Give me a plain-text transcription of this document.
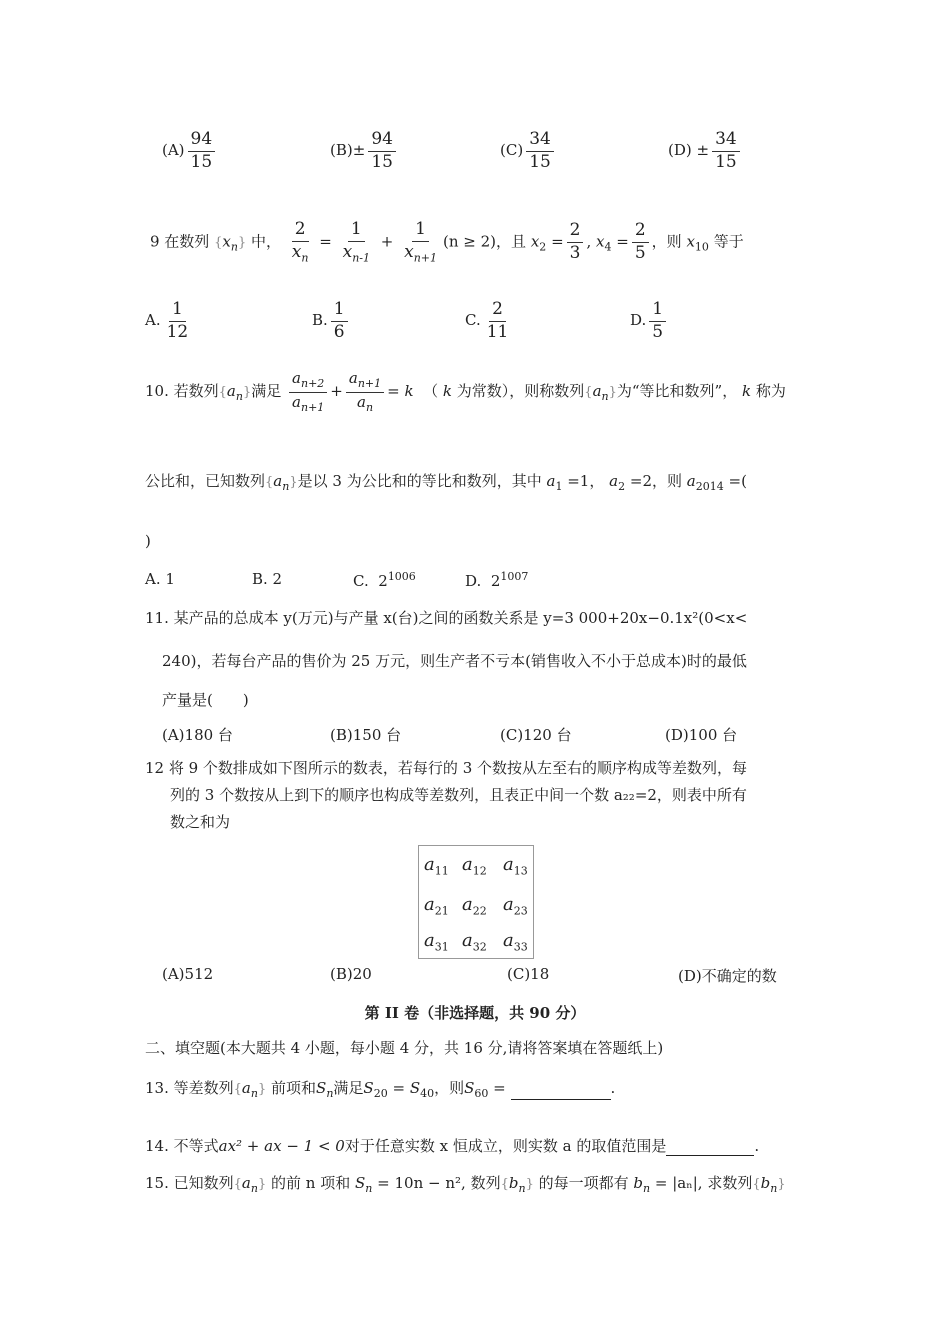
$(A) \frac{94}{15}$	$(B)\pm \frac{94}{15}$	$(C) \frac{34}{15}$	$(D) \pm \frac{34}{15}$
9 在数列 $\{x_n\}$ 中， $\frac{2}{x_n} = \frac{1}{x_{n-1}} + \frac{1}{x_{n+1}} (n \ge 2)$，且 $x_2 = \frac{2}{3}$ , $x_4 = \frac{2}{5}$ ，则 $x_{10}$ 等于
A. $\frac{1}{12}$	B. $\frac{1}{6}$	C. $\frac{2}{11}$	D. $\frac{1}{5}$
10. 若数列$\{a_n\}$满足 $\frac{a_{n+2}}{a_{n+1}} + \frac{a_{n+1}}{a_n} = k$  （ k 为常数），则称数列$\{a_n\}$为“等比和数列”， k 称为
公比和，已知数列$\{a_n\}$是以 3 为公比和的等比和数列，其中 $a_1 =1$， $a_2 =2$，则 $a_{2014}$ =(
)
A. 1	B. 2	C. $2^{1006}$	D. $2^{1007}$
11. 某产品的总成本 y(万元)与产量 x(台)之间的函数关系是 y=3 000+20x−0.1x²(0<x<
240)，若每台产品的售价为 25 万元，则生产者不亏本(销售收入不小于总成本)时的最低
产量是(　　)
(A)180 台	(B)150 台	(C)120 台	(D)100 台
12 将 9 个数排成如下图所示的数表，若每行的 3 个数按从左至右的顺序构成等差数列，每
列的 3 个数按从上到下的顺序也构成等差数列，且表正中间一个数 a₂₂=2，则表中所有
数之和为
$a_{11}$ $a_{12}$ $a_{13}$
$a_{21}$ $a_{22}$ $a_{23}$
$a_{31}$ $a_{32}$ $a_{33}$
(A)512	(B)20	(C)18	(D)不确定的数
第 II 卷（非选择题，共 90 分）
二、填空题(本大题共 4 小题，每小题 4 分，共 16 分,请将答案填在答题纸上)
13. 等差数列$\{a_n\}$ 前项和$S_n$满足$S_{20} = S_{40}$，则$S_{60}$ =	.
14. 不等式ax² + ax − 1 < 0对于任意实数 x 恒成立，则实数 a 的取值范围是	.
15. 已知数列$\{a_n\}$ 的前 n 项和 $S_n = 10n - n^2$, 数列$\{b_n\}$ 的每一项都有 $b_n = |a_n|$, 求数列$\{b_n\}$
